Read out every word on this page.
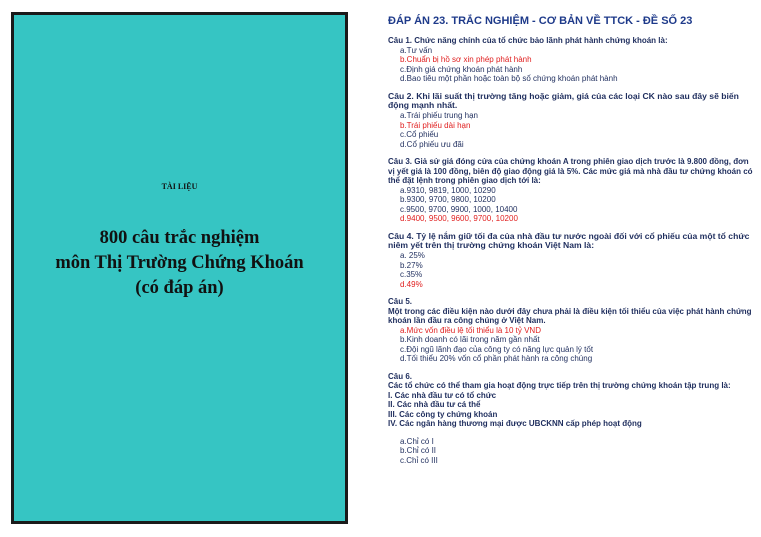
TÀI LIỆU
800 câu trắc nghiệm
môn Thị Trường Chứng Khoán
(có đáp án)
ĐÁP ÁN 23. TRẮC NGHIỆM - CƠ BẢN VỀ TTCK - ĐỀ SỐ 23
Câu 1. Chức năng chính của tổ chức bảo lãnh phát hành chứng khoán là:
a.Tư vấn
b.Chuẩn bị hồ sơ xin phép phát hành
c.Định giá chứng khoán phát hành
d.Bao tiêu một phần hoặc toàn bộ số chứng khoán phát hành
Câu 2. Khi lãi suất thị trường tăng hoặc giảm, giá của các loại CK nào sau đây sẽ biến động mạnh nhất.
a.Trái phiếu trung hạn
b.Trái phiếu dài hạn
c.Cổ phiếu
d.Cổ phiếu ưu đãi
Câu 3. Giả sử giá đóng cửa của chứng khoán A trong phiên giao dịch trước là 9.800 đồng, đơn vị yết giá là 100 đồng, biên độ giao động giá là 5%. Các mức giá mà nhà đầu tư chứng khoán có thể đặt lệnh trong phiên giao dịch tới là:
a.9310, 9819, 1000, 10290
b.9300, 9700, 9800, 10200
c.9500, 9700, 9900, 1000, 10400
d.9400, 9500, 9600, 9700, 10200
Câu 4. Tỷ lệ nắm giữ tối đa của nhà đầu tư nước ngoài đối với cổ phiếu của một tổ chức niêm yết trên thị trường chứng khoán Việt Nam là:
a. 25%
b.27%
c.35%
d.49%
Câu 5.
Một trong các điều kiện nào dưới đây chưa phải là điều kiện tối thiểu của việc phát hành chứng khoán lần đầu ra công chúng ở Việt Nam.
a.Mức vốn điều lệ tối thiểu là 10 tỷ VND
b.Kinh doanh có lãi trong năm gần nhất
c.Đội ngũ lãnh đạo của công ty có năng lực quản lý tốt
d.Tối thiểu 20% vốn cổ phần phát hành ra công chúng
Câu 6.
Các tổ chức có thể tham gia hoạt động trực tiếp trên thị trường chứng khoán tập trung là:
I. Các nhà đầu tư có tổ chức
II. Các nhà đầu tư cá thể
III. Các công ty chứng khoán
IV. Các ngân hàng thương mại được UBCKNN cấp phép hoạt động
a.Chỉ có I
b.Chỉ có II
c.Chỉ có III
